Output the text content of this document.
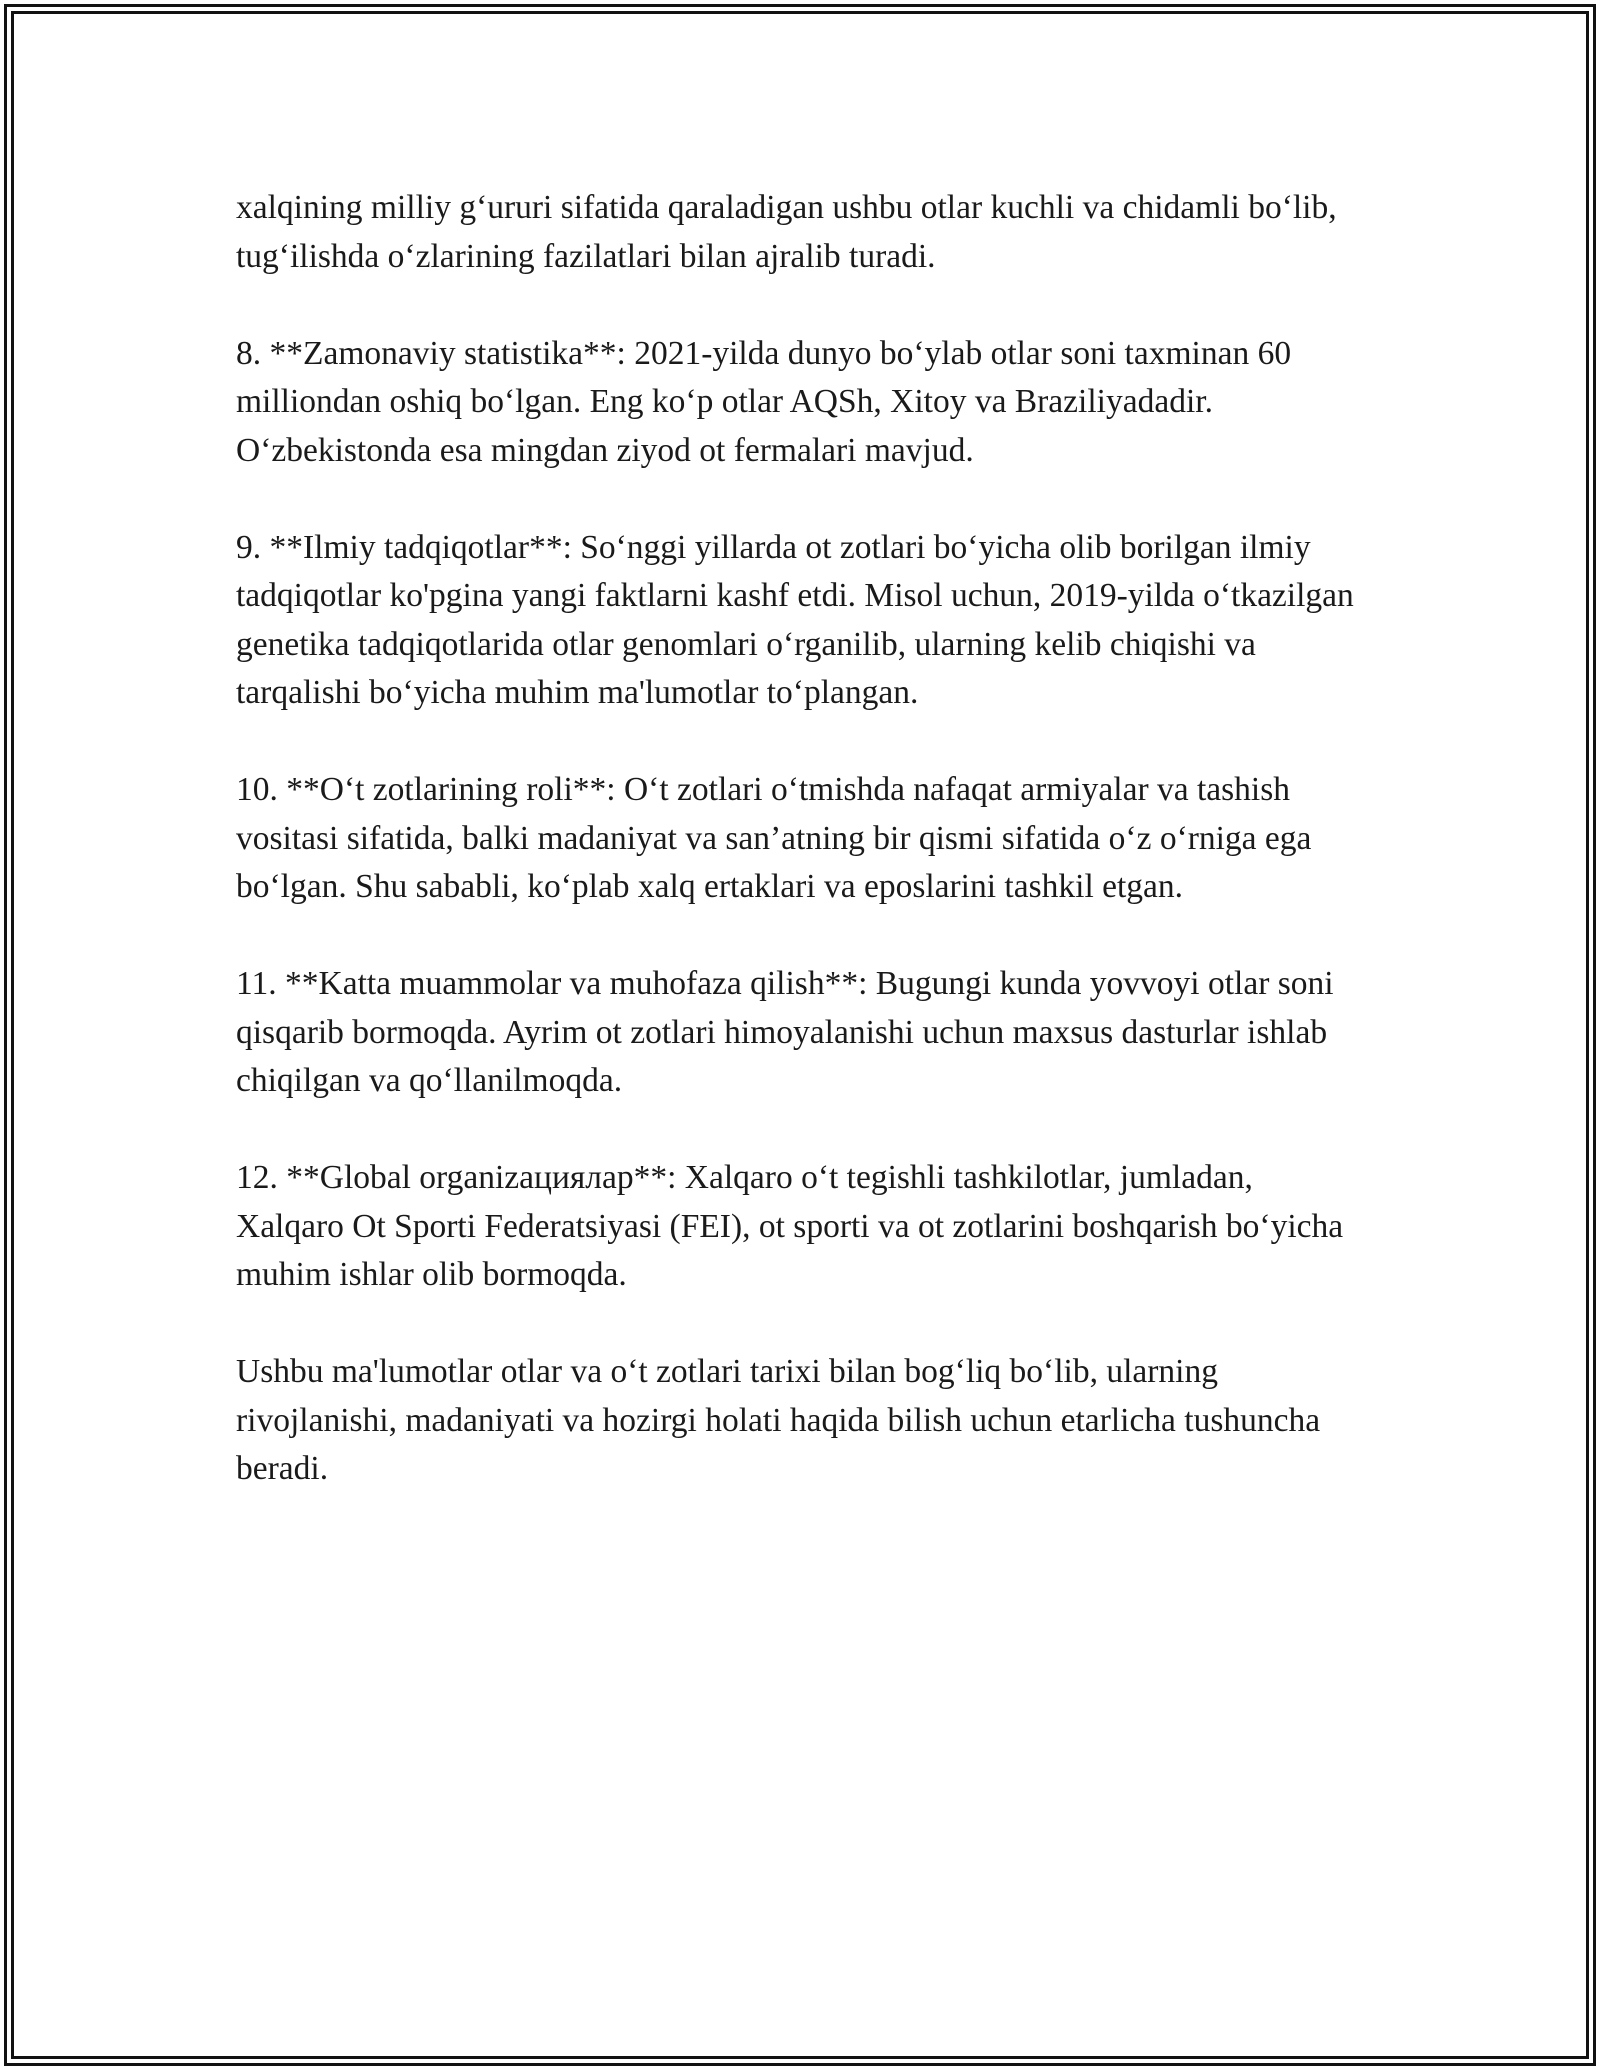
xalqining milliy g‘ururi sifatida qaraladigan ushbu otlar kuchli va chidamli bo‘lib, tug‘ilishda o‘zlarining fazilatlari bilan ajralib turadi.

8. **Zamonaviy statistika**: 2021-yilda dunyo bo‘ylab otlar soni taxminan 60 milliondan oshiq bo‘lgan. Eng ko‘p otlar AQSh, Xitoy va Braziliyadadir. O‘zbekistonda esa mingdan ziyod ot fermalari mavjud.

9. **Ilmiy tadqiqotlar**: So‘nggi yillarda ot zotlari bo‘yicha olib borilgan ilmiy tadqiqotlar ko'pgina yangi faktlarni kashf etdi. Misol uchun, 2019-yilda o‘tkazilgan genetika tadqiqotlarida otlar genomlari o‘rganilib, ularning kelib chiqishi va tarqalishi bo‘yicha muhim ma'lumotlar to‘plangan.

10. **O‘t zotlarining roli**: O‘t zotlari o‘tmishda nafaqat armiyalar va tashish vositasi sifatida, balki madaniyat va san’atning bir qismi sifatida o‘z o‘rniga ega bo‘lgan. Shu sababli, ko‘plab xalq ertaklari va eposlarini tashkil etgan.

11. **Katta muammolar va muhofaza qilish**: Bugungi kunda yovvoyi otlar soni qisqarib bormoqda. Ayrim ot zotlari himoyalanishi uchun maxsus dasturlar ishlab chiqilgan va qo‘llanilmoqda.

12. **Global organizaциялар**: Xalqaro o‘t tegishli tashkilotlar, jumladan, Xalqaro Ot Sporti Federatsiyasi (FEI), ot sporti va ot zotlarini boshqarish bo‘yicha muhim ishlar olib bormoqda.

Ushbu ma'lumotlar otlar va o‘t zotlari tarixi bilan bog‘liq bo‘lib, ularning rivojlanishi, madaniyati va hozirgi holati haqida bilish uchun etarlicha tushuncha beradi.
